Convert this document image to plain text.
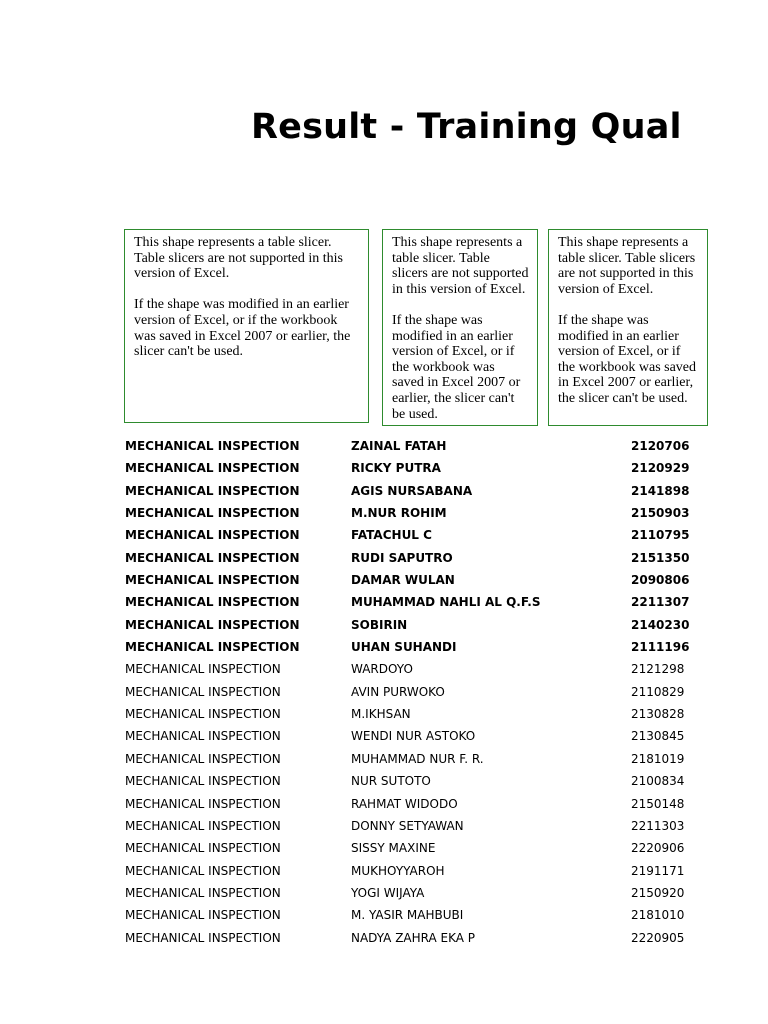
Result - Training Qual

This shape represents a table slicer. Table slicers are not supported in this version of Excel.

If the shape was modified in an earlier version of Excel, or if the workbook was saved in Excel 2007 or earlier, the slicer can't be used.

This shape represents a table slicer. Table slicers are not supported in this version of Excel.

If the shape was modified in an earlier version of Excel, or if the workbook was saved in Excel 2007 or earlier, the slicer can't be used.

This shape represents a table slicer. Table slicers are not supported in this version of Excel.

If the shape was modified in an earlier version of Excel, or if the workbook was saved in Excel 2007 or earlier, the slicer can't be used.

MECHANICAL INSPECTION	ZAINAL FATAH	2120706
MECHANICAL INSPECTION	RICKY PUTRA	2120929
MECHANICAL INSPECTION	AGIS NURSABANA	2141898
MECHANICAL INSPECTION	M.NUR ROHIM	2150903
MECHANICAL INSPECTION	FATACHUL C	2110795
MECHANICAL INSPECTION	RUDI SAPUTRO	2151350
MECHANICAL INSPECTION	DAMAR WULAN	2090806
MECHANICAL INSPECTION	MUHAMMAD NAHLI AL Q.F.S	2211307
MECHANICAL INSPECTION	SOBIRIN	2140230
MECHANICAL INSPECTION	UHAN SUHANDI	2111196
MECHANICAL INSPECTION	WARDOYO	2121298
MECHANICAL INSPECTION	AVIN PURWOKO	2110829
MECHANICAL INSPECTION	M.IKHSAN	2130828
MECHANICAL INSPECTION	WENDI NUR ASTOKO	2130845
MECHANICAL INSPECTION	MUHAMMAD NUR F. R.	2181019
MECHANICAL INSPECTION	NUR SUTOTO	2100834
MECHANICAL INSPECTION	RAHMAT WIDODO	2150148
MECHANICAL INSPECTION	DONNY SETYAWAN	2211303
MECHANICAL INSPECTION	SISSY MAXINE	2220906
MECHANICAL INSPECTION	MUKHOYYAROH	2191171
MECHANICAL INSPECTION	YOGI WIJAYA	2150920
MECHANICAL INSPECTION	M. YASIR MAHBUBI	2181010
MECHANICAL INSPECTION	NADYA ZAHRA EKA P	2220905
